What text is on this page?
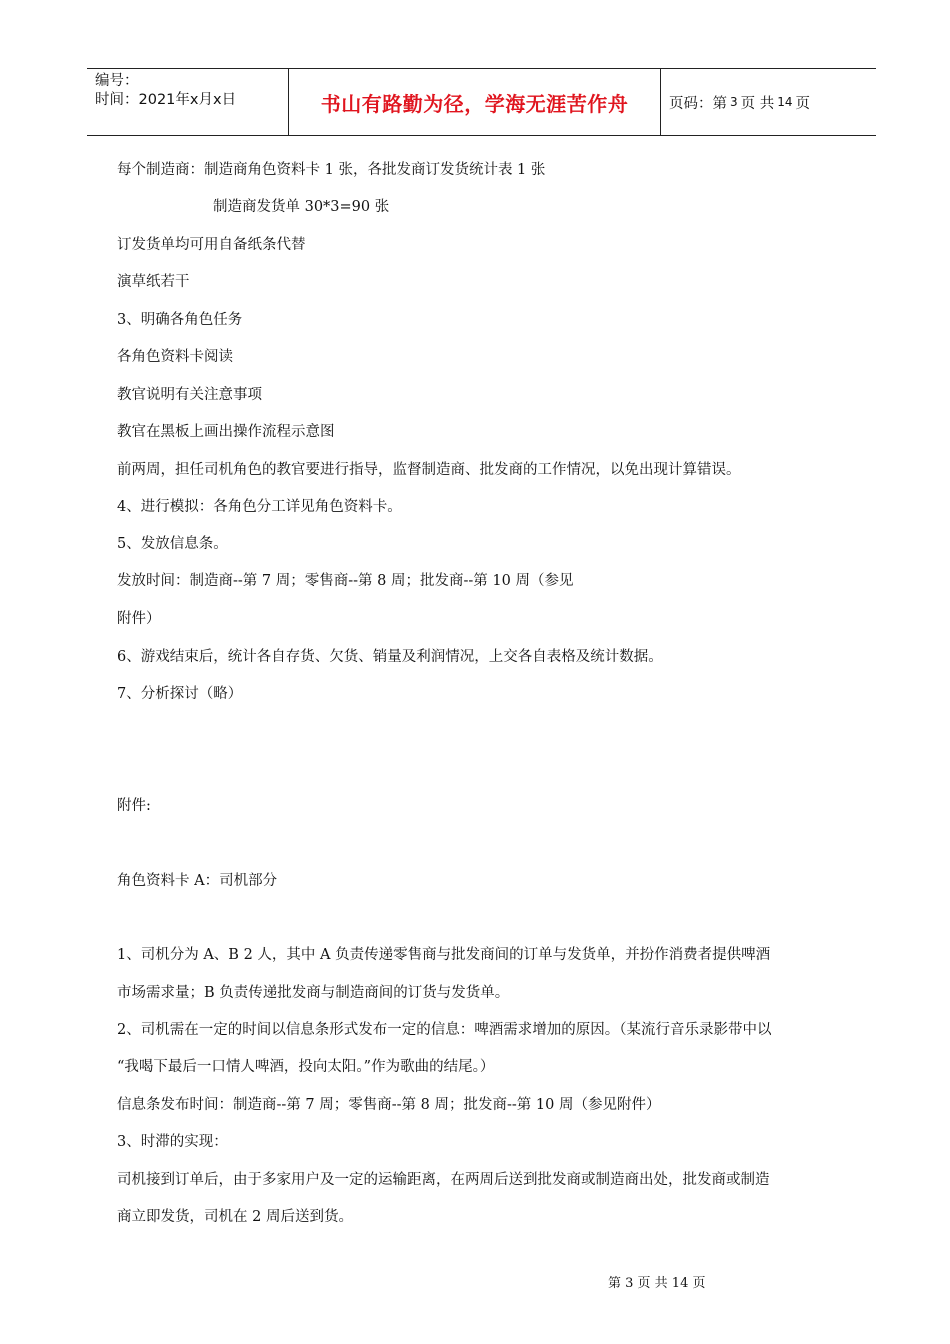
编号：
时间：2021年x月x日	书山有路勤为径，学海无涯苦作舟	页码：第 3 页 共 14 页
每个制造商：制造商角色资料卡 1 张，各批发商订发货统计表 1 张
制造商发货单 30*3=90 张
订发货单均可用自备纸条代替
演草纸若干
3、明确各角色任务
各角色资料卡阅读
教官说明有关注意事项
教官在黑板上画出操作流程示意图
前两周，担任司机角色的教官要进行指导，监督制造商、批发商的工作情况，以免出现计算错误。
4、进行模拟：各角色分工详见角色资料卡。
5、发放信息条。
发放时间：制造商--第 7 周；零售商--第 8 周；批发商--第 10 周（参见
附件）
6、游戏结束后，统计各自存货、欠货、销量及利润情况，上交各自表格及统计数据。
7、分析探讨（略）
附件:
角色资料卡 A：司机部分
1、司机分为 A、B 2 人，其中 A 负责传递零售商与批发商间的订单与发货单，并扮作消费者提供啤酒
市场需求量；B 负责传递批发商与制造商间的订货与发货单。
2、司机需在一定的时间以信息条形式发布一定的信息：啤酒需求增加的原因。（某流行音乐录影带中以
“我喝下最后一口情人啤酒，投向太阳。”作为歌曲的结尾。）
信息条发布时间：制造商--第 7 周；零售商--第 8 周；批发商--第 10 周（参见附件）
3、时滞的实现：
司机接到订单后，由于多家用户及一定的运输距离，在两周后送到批发商或制造商出处，批发商或制造
商立即发货，司机在 2 周后送到货。
第 3 页 共 14 页
